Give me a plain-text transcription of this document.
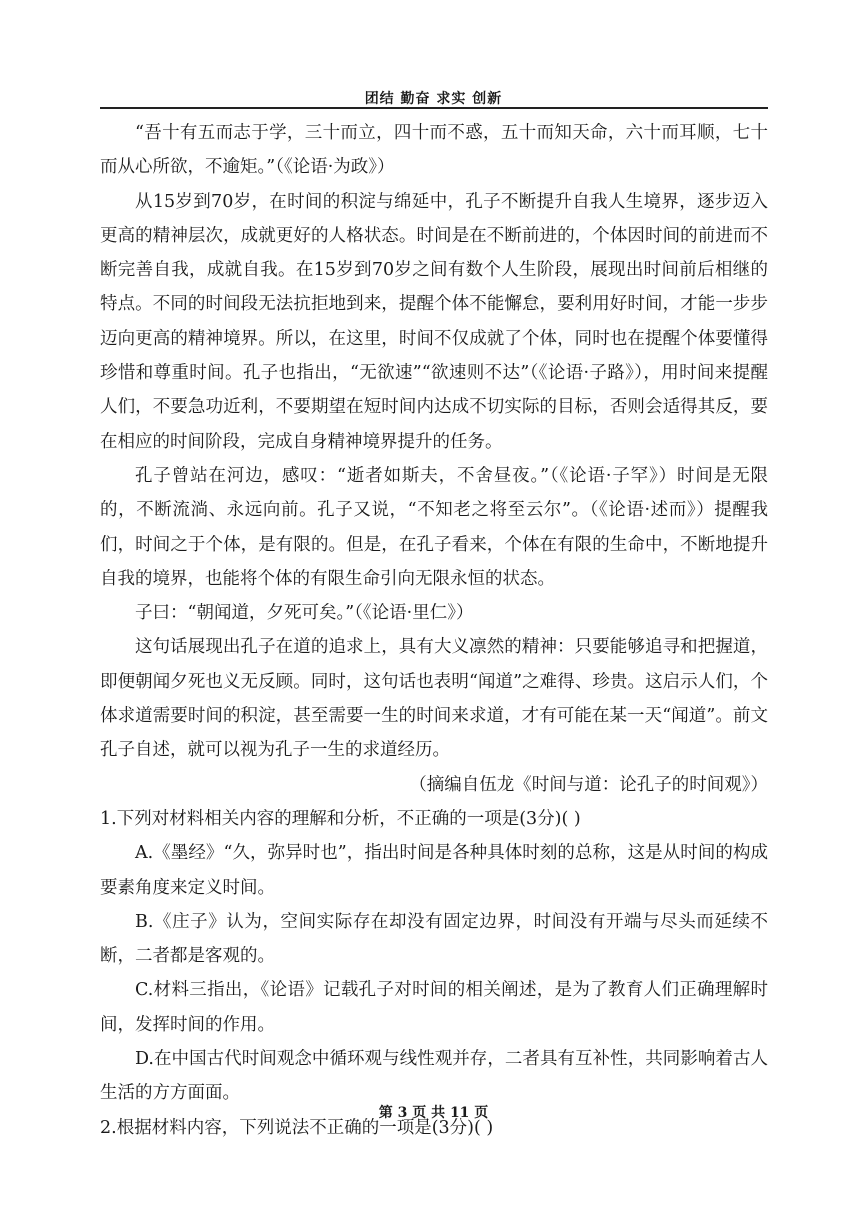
团结 勤奋 求实 创新

“吾十有五而志于学，三十而立，四十而不惑，五十而知天命，六十而耳顺，七十而从心所欲，不逾矩。”（《论语·为政》）

从15岁到70岁，在时间的积淀与绵延中，孔子不断提升自我人生境界，逐步迈入更高的精神层次，成就更好的人格状态。时间是在不断前进的，个体因时间的前进而不断完善自我，成就自我。在15岁到70岁之间有数个人生阶段，展现出时间前后相继的特点。不同的时间段无法抗拒地到来，提醒个体不能懈怠，要利用好时间，才能一步步迈向更高的精神境界。所以，在这里，时间不仅成就了个体，同时也在提醒个体要懂得珍惜和尊重时间。孔子也指出，“无欲速”“欲速则不达”（《论语·子路》），用时间来提醒人们，不要急功近利，不要期望在短时间内达成不切实际的目标，否则会适得其反，要在相应的时间阶段，完成自身精神境界提升的任务。

孔子曾站在河边，感叹：“逝者如斯夫，不舍昼夜。”（《论语·子罕》）时间是无限的，不断流淌、永远向前。孔子又说，“不知老之将至云尔”。（《论语·述而》）提醒我们，时间之于个体，是有限的。但是，在孔子看来，个体在有限的生命中，不断地提升自我的境界，也能将个体的有限生命引向无限永恒的状态。

子曰：“朝闻道，夕死可矣。”（《论语·里仁》）

这句话展现出孔子在道的追求上，具有大义凛然的精神：只要能够追寻和把握道，即便朝闻夕死也义无反顾。同时，这句话也表明“闻道”之难得、珍贵。这启示人们，个体求道需要时间的积淀，甚至需要一生的时间来求道，才有可能在某一天“闻道”。前文孔子自述，就可以视为孔子一生的求道经历。

（摘编自伍龙《时间与道：论孔子的时间观》）

1.下列对材料相关内容的理解和分析，不正确的一项是(3分)( )

A.《墨经》“久，弥异时也”，指出时间是各种具体时刻的总称，这是从时间的构成要素角度来定义时间。

B.《庄子》认为，空间实际存在却没有固定边界，时间没有开端与尽头而延续不断，二者都是客观的。

C.材料三指出，《论语》记载孔子对时间的相关阐述，是为了教育人们正确理解时间，发挥时间的作用。

D.在中国古代时间观念中循环观与线性观并存，二者具有互补性，共同影响着古人生活的方方面面。

2.根据材料内容，下列说法不正确的一项是(3分)( )

第 3 页 共 11 页
